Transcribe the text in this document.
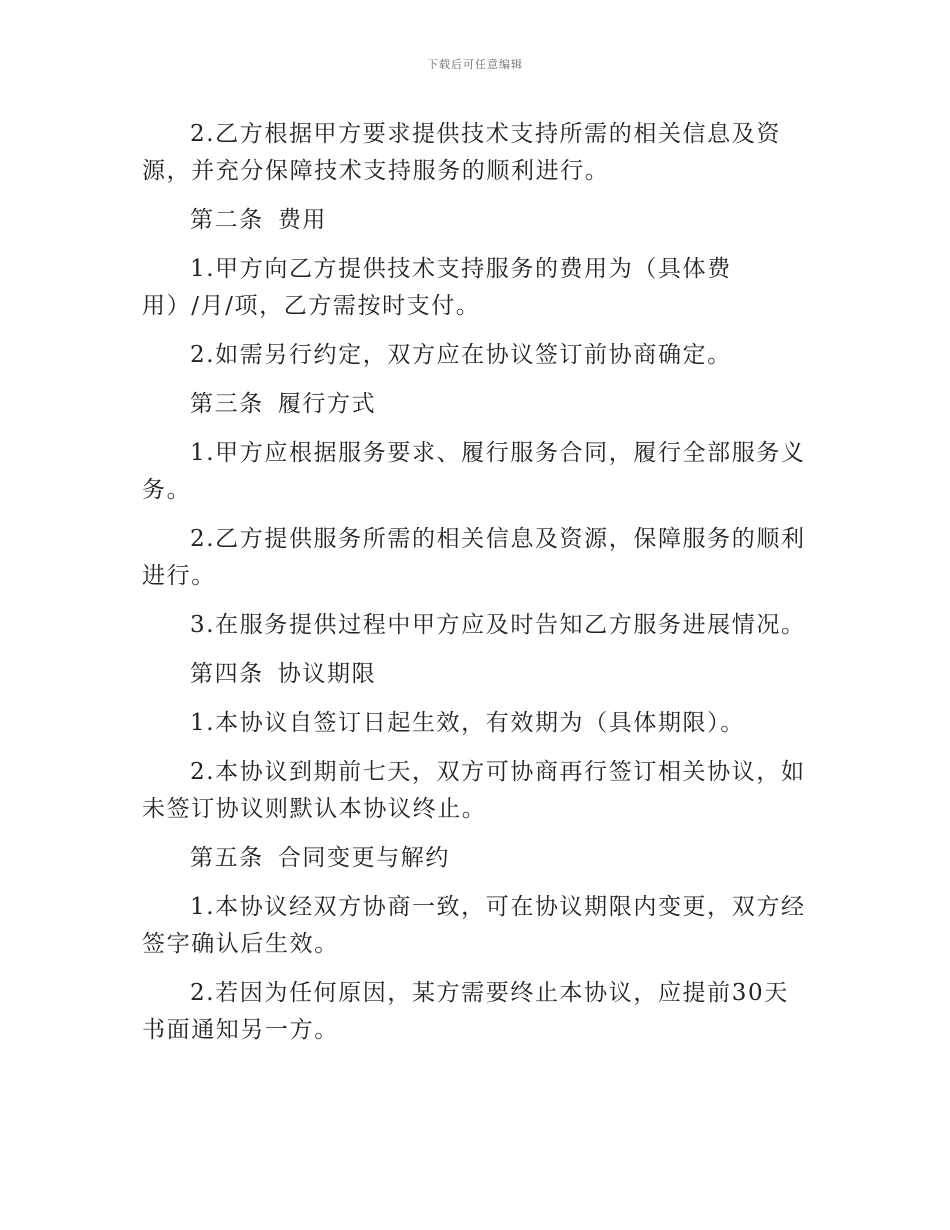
下载后可任意编辑

2.乙方根据甲方要求提供技术支持所需的相关信息及资
源，并充分保障技术支持服务的顺利进行。

第二条 费用

1.甲方向乙方提供技术支持服务的费用为（具体费
用）/月/项，乙方需按时支付。

2.如需另行约定，双方应在协议签订前协商确定。

第三条 履行方式

1.甲方应根据服务要求、履行服务合同，履行全部服务义
务。

2.乙方提供服务所需的相关信息及资源，保障服务的顺利
进行。

3.在服务提供过程中甲方应及时告知乙方服务进展情况。

第四条 协议期限

1.本协议自签订日起生效，有效期为（具体期限）。

2.本协议到期前七天，双方可协商再行签订相关协议，如
未签订协议则默认本协议终止。

第五条 合同变更与解约

1.本协议经双方协商一致，可在协议期限内变更，双方经
签字确认后生效。

2.若因为任何原因，某方需要终止本协议，应提前30天
书面通知另一方。
